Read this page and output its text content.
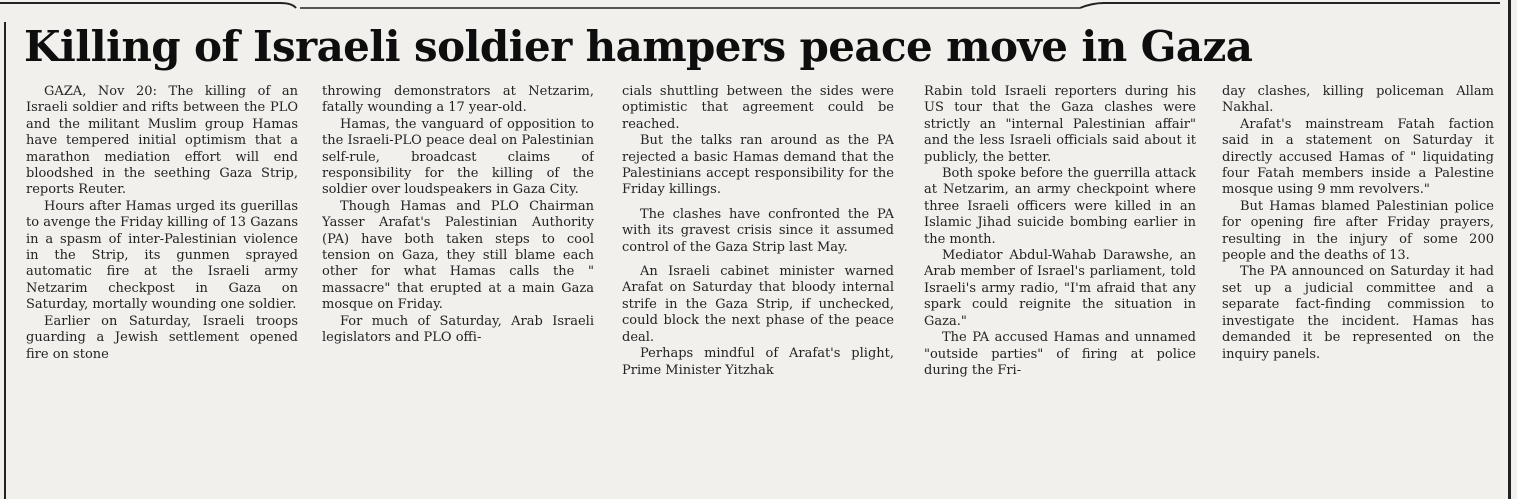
Killing of Israeli soldier hampers peace move in Gaza

GAZA, Nov 20: The killing of an Israeli soldier and rifts between the PLO and the militant Muslim group Hamas have tempered initial optimism that a marathon mediation effort will end bloodshed in the seething Gaza Strip, reports Reuter.

Hours after Hamas urged its guerillas to avenge the Friday killing of 13 Gazans in a spasm of inter-Palestinian violence in the Strip, its gunmen sprayed automatic fire at the Israeli army Netzarim checkpost in Gaza on Saturday, mortally wounding one soldier.

Earlier on Saturday, Israeli troops guarding a Jewish settlement opened fire on stone

throwing demonstrators at Netzarim, fatally wounding a 17 year-old.

Hamas, the vanguard of opposition to the Israeli-PLO peace deal on Palestinian self-rule, broadcast claims of responsibility for the killing of the soldier over loudspeakers in Gaza City.

Though Hamas and PLO Chairman Yasser Arafat's Palestinian Authority (PA) have both taken steps to cool tension on Gaza, they still blame each other for what Hamas calls the " massacre" that erupted at a main Gaza mosque on Friday.

For much of Saturday, Arab Israeli legislators and PLO offi-

cials shuttling between the sides were optimistic that agreement could be reached.

But the talks ran around as the PA rejected a basic Hamas demand that the Palestinians accept responsibility for the Friday killings.

The clashes have confronted the PA with its gravest crisis since it assumed control of the Gaza Strip last May.

An Israeli cabinet minister warned Arafat on Saturday that bloody internal strife in the Gaza Strip, if unchecked, could block the next phase of the peace deal.

Perhaps mindful of Arafat's plight, Prime Minister Yitzhak

Rabin told Israeli reporters during his US tour that the Gaza clashes were strictly an "internal Palestinian affair" and the less Israeli officials said about it publicly, the better.

Both spoke before the guerrilla attack at Netzarim, an army checkpoint where three Israeli officers were killed in an Islamic Jihad suicide bombing earlier in the month.

Mediator Abdul-Wahab Darawshe, an Arab member of Israel's parliament, told Israeli's army radio, "I'm afraid that any spark could reignite the situation in Gaza."

The PA accused Hamas and unnamed "outside parties" of firing at police during the Fri-

day clashes, killing policeman Allam Nakhal.

Arafat's mainstream Fatah faction said in a statement on Saturday it directly accused Hamas of " liquidating four Fatah members inside a Palestine mosque using 9 mm revolvers."

But Hamas blamed Palestinian police for opening fire after Friday prayers, resulting in the injury of some 200 people and the deaths of 13.

The PA announced on Saturday it had set up a judicial committee and a separate fact-finding commission to investigate the incident. Hamas has demanded it be represented on the inquiry panels.
